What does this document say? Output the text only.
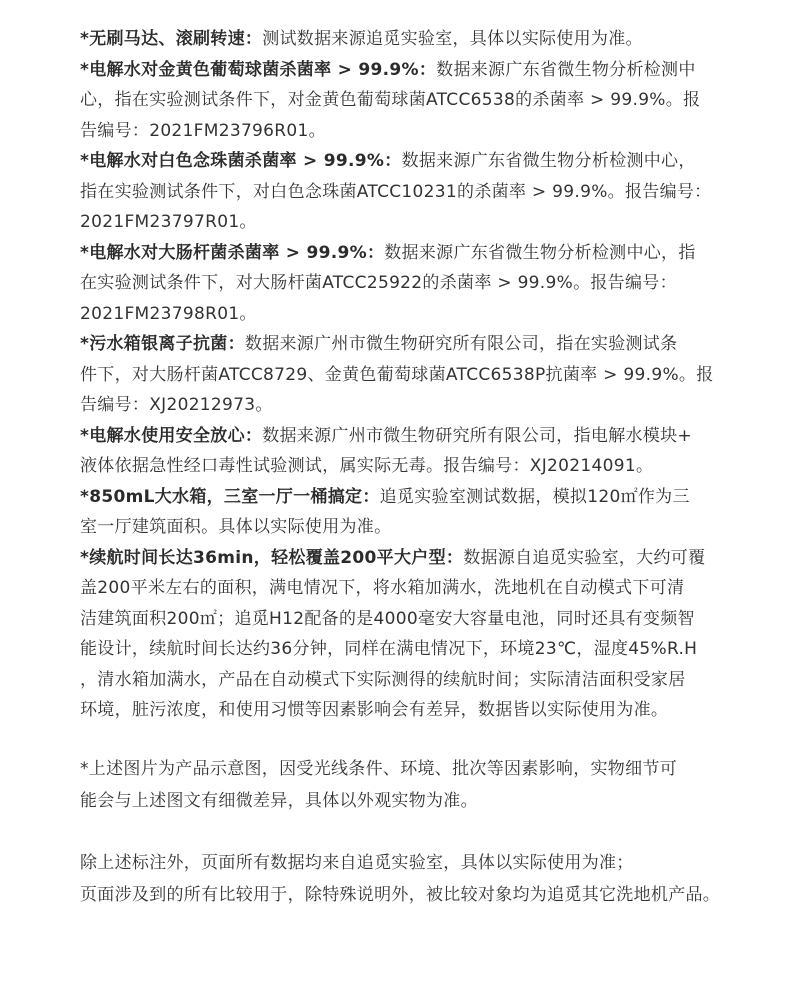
*无刷马达、滚刷转速：测试数据来源追觅实验室，具体以实际使用为准。

*电解水对金黄色葡萄球菌杀菌率 > 99.9%：数据来源广东省微生物分析检测中
心，指在实验测试条件下，对金黄色葡萄球菌ATCC6538的杀菌率 > 99.9%。报
告编号：2021FM23796R01。

*电解水对白色念珠菌杀菌率 > 99.9%：数据来源广东省微生物分析检测中心，
指在实验测试条件下，对白色念珠菌ATCC10231的杀菌率 > 99.9%。报告编号：
2021FM23797R01。

*电解水对大肠杆菌杀菌率 > 99.9%：数据来源广东省微生物分析检测中心，指
在实验测试条件下，对大肠杆菌ATCC25922的杀菌率 > 99.9%。报告编号：
2021FM23798R01。

*污水箱银离子抗菌：数据来源广州市微生物研究所有限公司，指在实验测试条
件下，对大肠杆菌ATCC8729、金黄色葡萄球菌ATCC6538P抗菌率 > 99.9%。报
告编号：XJ20212973。

*电解水使用安全放心：数据来源广州市微生物研究所有限公司，指电解水模块+
液体依据急性经口毒性试验测试，属实际无毒。报告编号：XJ20214091。

*850mL大水箱，三室一厅一桶搞定：追觅实验室测试数据，模拟120㎡作为三
室一厅建筑面积。具体以实际使用为准。

*续航时间长达36min，轻松覆盖200平大户型：数据源自追觅实验室，大约可覆
盖200平米左右的面积，满电情况下，将水箱加满水，洗地机在自动模式下可清
洁建筑面积200㎡；追觅H12配备的是4000毫安大容量电池，同时还具有变频智
能设计，续航时间长达约36分钟，同样在满电情况下，环境23℃，湿度45%R.H
，清水箱加满水，产品在自动模式下实际测得的续航时间；实际清洁面积受家居
环境，脏污浓度，和使用习惯等因素影响会有差异，数据皆以实际使用为准。

*上述图片为产品示意图，因受光线条件、环境、批次等因素影响，实物细节可
能会与上述图文有细微差异，具体以外观实物为准。

除上述标注外，页面所有数据均来自追觅实验室，具体以实际使用为准；
页面涉及到的所有比较用于，除特殊说明外，被比较对象均为追觅其它洗地机产品。
